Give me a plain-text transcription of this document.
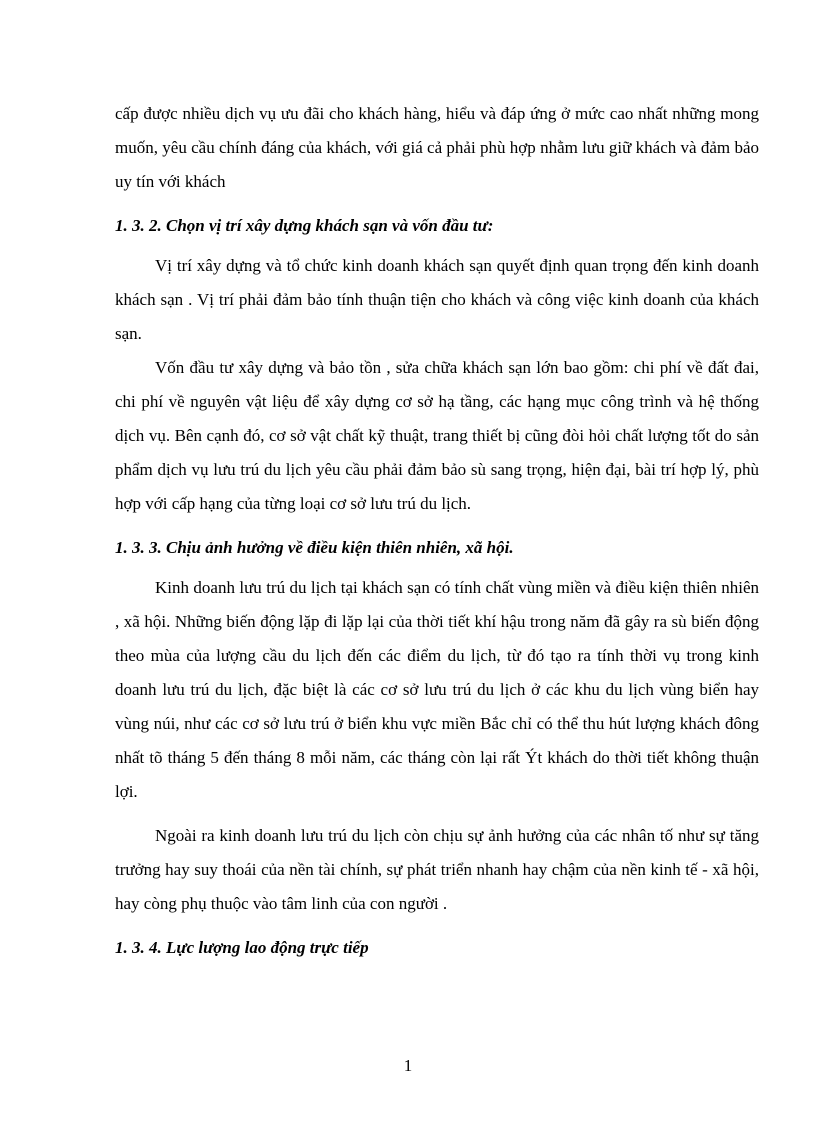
cấp được nhiều dịch vụ ưu đãi cho khách hàng, hiểu và đáp ứng ở mức cao nhất những mong muốn, yêu cầu chính đáng của khách, với giá cả phải phù hợp nhằm lưu giữ khách và đảm bảo uy tín với khách

1. 3. 2. Chọn vị trí xây dựng khách sạn và vốn đầu tư:

Vị trí xây dựng và tổ chức kinh doanh khách sạn quyết định quan trọng đến kinh doanh khách sạn . Vị trí phải đảm bảo tính thuận tiện cho khách và công việc kinh doanh của khách sạn.

Vốn đầu tư xây dựng và bảo tồn , sửa chữa khách sạn lớn bao gồm: chi phí về đất đai, chi phí về nguyên vật liệu để xây dựng cơ sở hạ tầng, các hạng mục công trình và hệ thống dịch vụ. Bên cạnh đó, cơ sở vật chất kỹ thuật, trang thiết bị cũng đòi hỏi chất lượng tốt do sản phẩm dịch vụ lưu trú du lịch yêu cầu phải đảm bảo sù sang trọng, hiện đại, bài trí hợp lý, phù hợp với cấp hạng của từng loại cơ sở lưu trú du lịch.

1. 3. 3. Chịu ảnh hưởng về điều kiện thiên nhiên, xã hội.

Kinh doanh lưu trú du lịch tại khách sạn có tính chất vùng miền và điều kiện thiên nhiên , xã hội. Những biến động lặp đi lặp lại của thời tiết khí hậu trong năm đã gây ra sù biến động theo mùa của lượng cầu du lịch đến các điểm du lịch, từ đó tạo ra tính thời vụ trong kinh doanh lưu trú du lịch, đặc biệt là các cơ sở lưu trú du lịch ở các khu du lịch vùng biển hay vùng núi, như các cơ sở lưu trú ở biển khu vực miền Bắc chỉ có thể thu hút lượng khách đông nhất tõ tháng 5 đến tháng 8 mỗi năm, các tháng còn lại rất Ýt khách do thời tiết không thuận lợi.

Ngoài ra kinh doanh lưu trú du lịch còn chịu sự ảnh hưởng của các nhân tố như sự tăng trưởng hay suy thoái của nền tài chính, sự phát triển nhanh hay chậm của nền kinh tế - xã hội, hay còng phụ thuộc vào tâm linh của con người .

1. 3. 4. Lực lượng lao động trực tiếp

1
